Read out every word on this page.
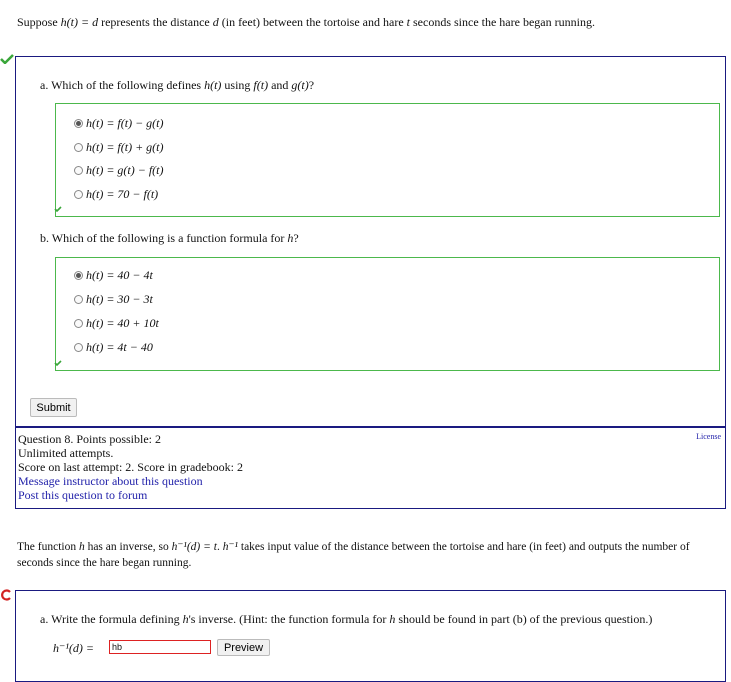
Suppose h(t) = d represents the distance d (in feet) between the tortoise and hare t seconds since the hare began running.
a. Which of the following defines h(t) using f(t) and g(t)?
h(t) = f(t) − g(t)
h(t) = f(t) + g(t)
h(t) = g(t) − f(t)
h(t) = 70 − f(t)
b. Which of the following is a function formula for h?
h(t) = 40 − 4t
h(t) = 30 − 3t
h(t) = 40 + 10t
h(t) = 4t − 40
Submit
Question 8. Points possible: 2
Unlimited attempts.
Score on last attempt: 2. Score in gradebook: 2
Message instructor about this question
Post this question to forum
License
The function h has an inverse, so h⁻¹(d) = t. h⁻¹ takes input value of the distance between the tortoise and hare (in feet) and outputs the number of seconds since the hare began running.
a. Write the formula defining h's inverse. (Hint: the function formula for h should be found in part (b) of the previous question.)
h⁻¹(d) =	hb	Preview
